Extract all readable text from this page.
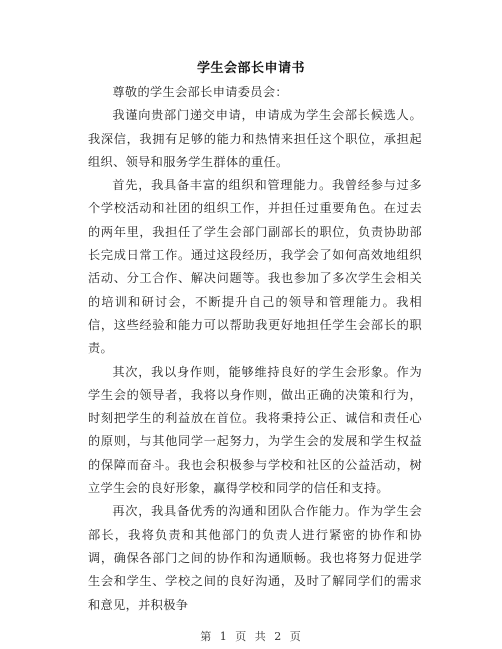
学生会部长申请书

尊敬的学生会部长申请委员会：

我谨向贵部门递交申请，申请成为学生会部长候选人。我深信，我拥有足够的能力和热情来担任这个职位，承担起组织、领导和服务学生群体的重任。

首先，我具备丰富的组织和管理能力。我曾经参与过多个学校活动和社团的组织工作，并担任过重要角色。在过去的两年里，我担任了学生会部门副部长的职位，负责协助部长完成日常工作。通过这段经历，我学会了如何高效地组织活动、分工合作、解决问题等。我也参加了多次学生会相关的培训和研讨会，不断提升自己的领导和管理能力。我相信，这些经验和能力可以帮助我更好地担任学生会部长的职责。

其次，我以身作则，能够维持良好的学生会形象。作为学生会的领导者，我将以身作则，做出正确的决策和行为，时刻把学生的利益放在首位。我将秉持公正、诚信和责任心的原则，与其他同学一起努力，为学生会的发展和学生权益的保障而奋斗。我也会积极参与学校和社区的公益活动，树立学生会的良好形象，赢得学校和同学的信任和支持。

再次，我具备优秀的沟通和团队合作能力。作为学生会部长，我将负责和其他部门的负责人进行紧密的协作和协调，确保各部门之间的协作和沟通顺畅。我也将努力促进学生会和学生、学校之间的良好沟通，及时了解同学们的需求和意见，并积极争

第 1 页 共 2 页
